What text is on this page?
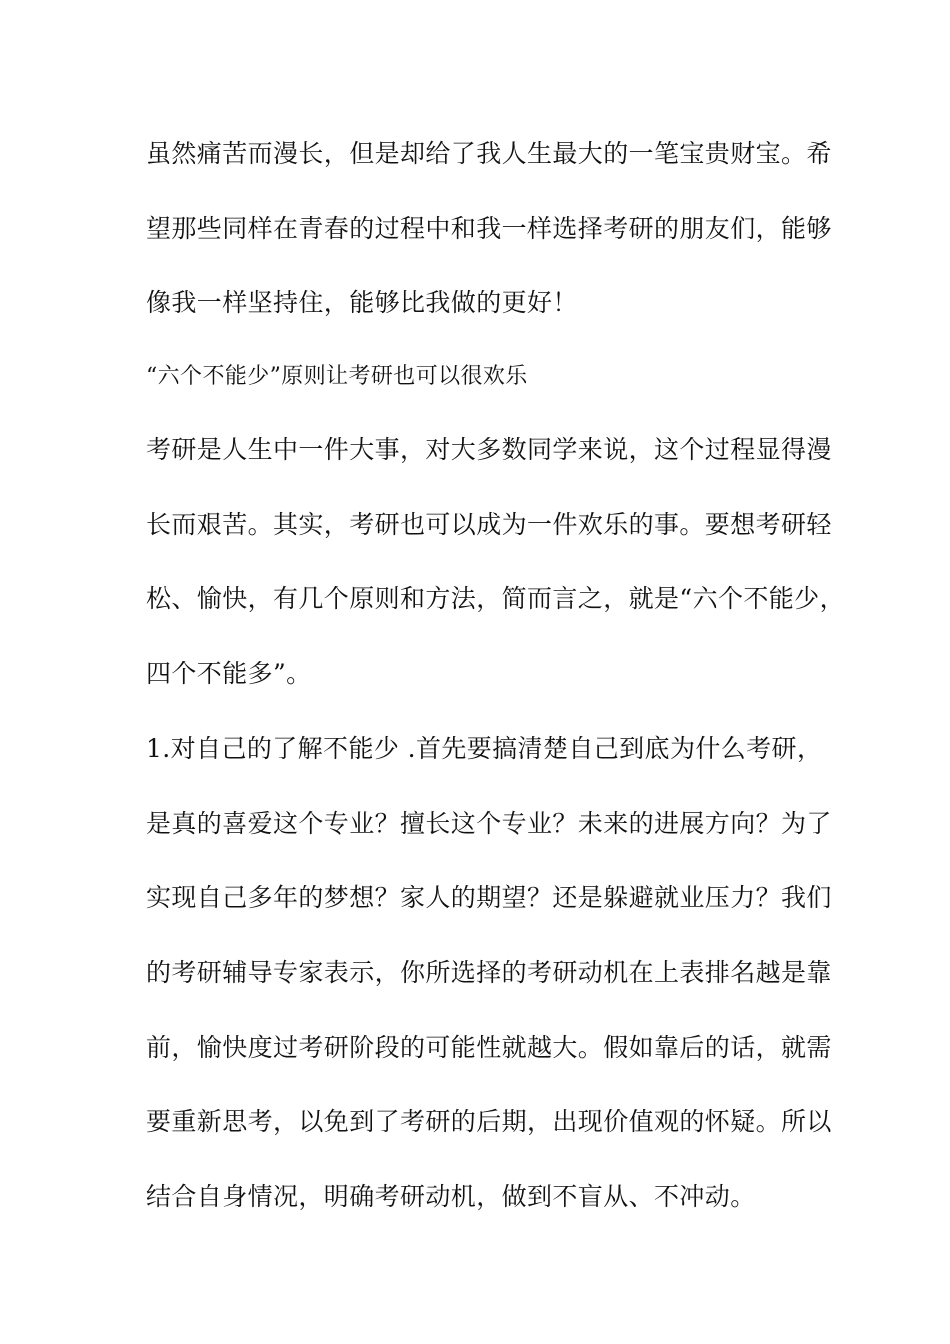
虽然痛苦而漫长，但是却给了我人生最大的一笔宝贵财宝。希
望那些同样在青春的过程中和我一样选择考研的朋友们，能够
像我一样坚持住，能够比我做的更好！
“六个不能少”原则让考研也可以很欢乐
考研是人生中一件大事，对大多数同学来说，这个过程显得漫
长而艰苦。其实，考研也可以成为一件欢乐的事。要想考研轻
松、愉快，有几个原则和方法，简而言之，就是“六个不能少，
四个不能多”。
1.对自己的了解不能少 .首先要搞清楚自己到底为什么考研，
是真的喜爱这个专业？擅长这个专业？未来的进展方向？为了
实现自己多年的梦想？家人的期望？还是躲避就业压力？我们
的考研辅导专家表示，你所选择的考研动机在上表排名越是靠
前，愉快度过考研阶段的可能性就越大。假如靠后的话，就需
要重新思考，以免到了考研的后期，出现价值观的怀疑。所以
结合自身情况，明确考研动机，做到不盲从、不冲动。
